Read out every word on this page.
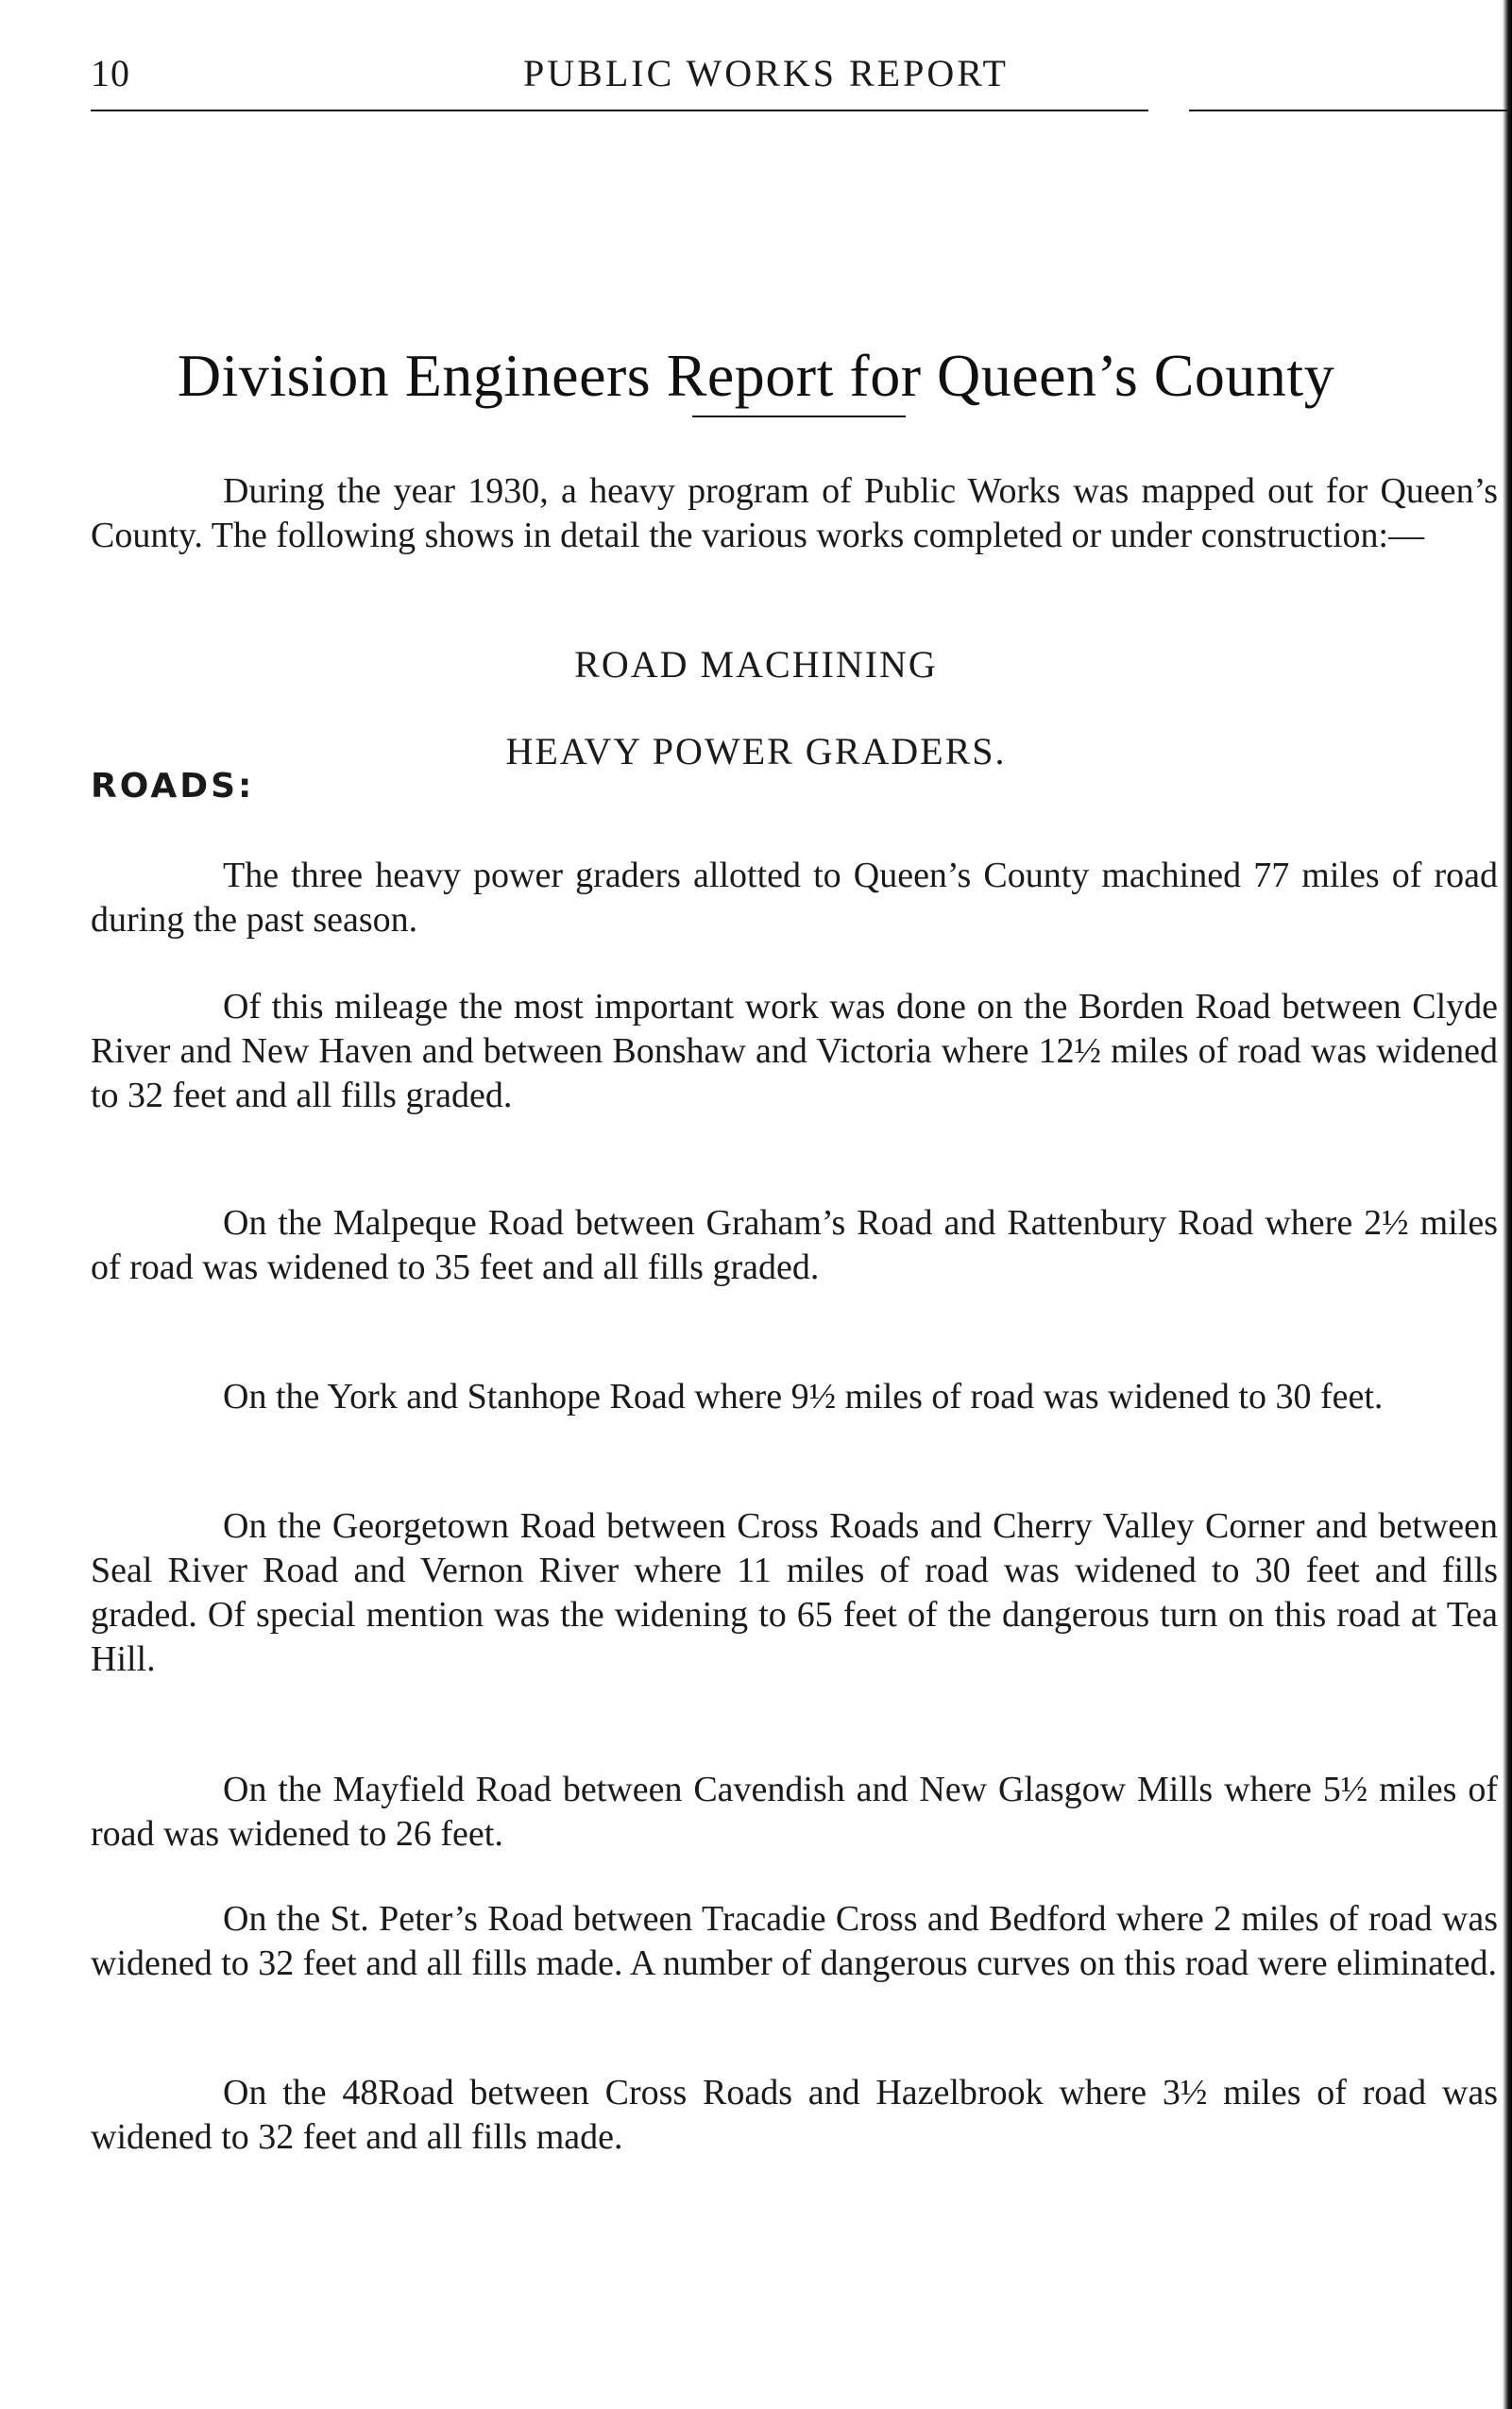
10	PUBLIC WORKS REPORT
Division Engineers Report for Queen’s County

During the year 1930, a heavy program of Public Works was mapped out for Queen’s County. The following shows in detail the various works completed or under construction:—

ROAD MACHINING
HEAVY POWER GRADERS.
ROADS:

The three heavy power graders allotted to Queen’s County machined 77 miles of road during the past season.

Of this mileage the most important work was done on the Borden Road between Clyde River and New Haven and between Bonshaw and Victoria where 12½ miles of road was widened to 32 feet and all fills graded.

On the Malpeque Road between Graham’s Road and Rattenbury Road where 2½ miles of road was widened to 35 feet and all fills graded.

On the York and Stanhope Road where 9½ miles of road was widened to 30 feet.

On the Georgetown Road between Cross Roads and Cherry Valley Corner and between Seal River Road and Vernon River where 11 miles of road was widened to 30 feet and fills graded. Of special mention was the widening to 65 feet of the dangerous turn on this road at Tea Hill.

On the Mayfield Road between Cavendish and New Glasgow Mills where 5½ miles of road was widened to 26 feet.

On the St. Peter’s Road between Tracadie Cross and Bedford where 2 miles of road was widened to 32 feet and all fills made. A number of dangerous curves on this road were eliminated.

On the 48Road between Cross Roads and Hazelbrook where 3½ miles of road was widened to 32 feet and all fills made.
